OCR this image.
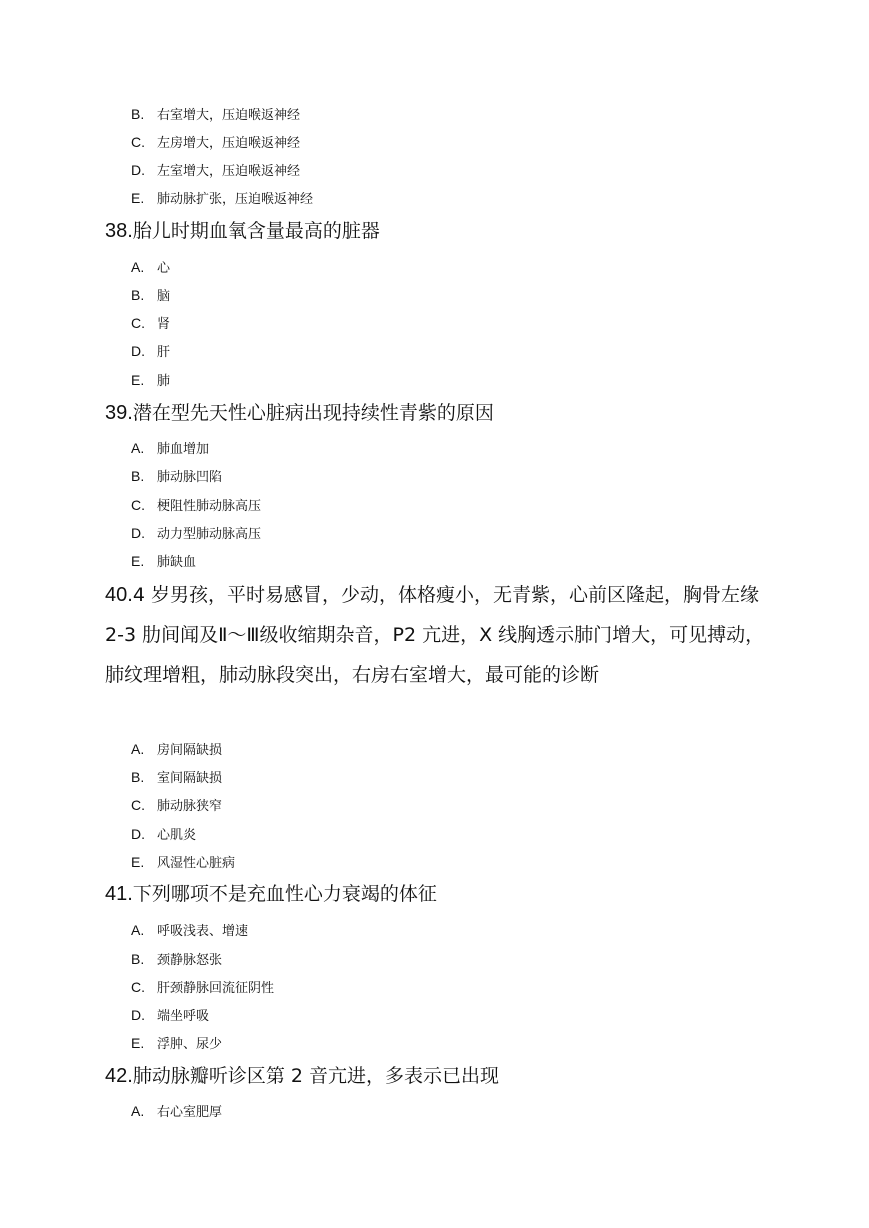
B. 右室增大，压迫喉返神经
C. 左房增大，压迫喉返神经
D. 左室增大，压迫喉返神经
E. 肺动脉扩张，压迫喉返神经
38.胎儿时期血氧含量最高的脏器
A. 心
B. 脑
C. 肾
D. 肝
E. 肺
39.潜在型先天性心脏病出现持续性青紫的原因
A. 肺血增加
B. 肺动脉凹陷
C. 梗阻性肺动脉高压
D. 动力型肺动脉高压
E. 肺缺血
40.4 岁男孩，平时易感冒，少动，体格瘦小，无青紫，心前区隆起，胸骨左缘 2-3 肋间闻及Ⅱ～Ⅲ级收缩期杂音，P2 亢进，X 线胸透示肺门增大，可见搏动，肺纹理增粗，肺动脉段突出，右房右室增大，最可能的诊断
A. 房间隔缺损
B. 室间隔缺损
C. 肺动脉狭窄
D. 心肌炎
E. 风湿性心脏病
41.下列哪项不是充血性心力衰竭的体征
A. 呼吸浅表、增速
B. 颈静脉怒张
C. 肝颈静脉回流征阴性
D. 端坐呼吸
E. 浮肿、尿少
42.肺动脉瓣听诊区第 2 音亢进，多表示已出现
A. 右心室肥厚
